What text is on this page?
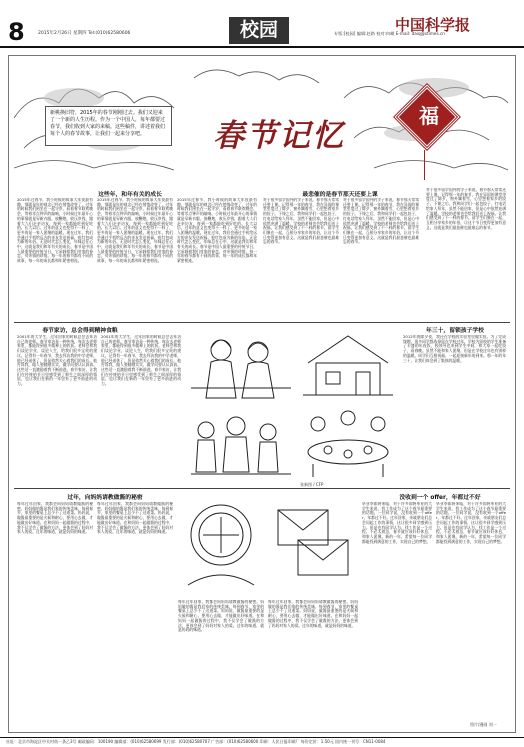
8	2015年2月26日 星期四 Tel:(010)62580606	校园	中国科学报
专版:[校园] 编辑:赵路 校对:何嵘 E-mail: daiq@stimes.cn
新桃换旧符，2015年的春节刚刚过去。我们又迎来了一个新的人生历程。作为一个中国人，每年都要过春节，我们收到大家的来稿。这些稿件，讲述着我们每个人的春节故事，让我们一起来分享吧。	春节记忆
福
这些年，和年有关的成长
2015年过春节，我小时候的故事大年夜最有趣，那就是年的观念已经在悄悄改变了，过年的时候我们围坐在一起守岁，看着春节联欢晚会，等着零点钟声的敲响。小时候过年最开心的事情就是穿新衣服，放鞭炮，收压岁钱，跟着大人们走亲访友，每到一家都能吃到好吃的。长大以后，过年的意义也变得不一样了，更多的是一家人团聚的温暖。现在过年，我们会通过手机给远方的亲友发送祝福，抢红包成为新的年俗。无论时代怎么变化，年味总在心中，这就是我们和年有关的成长。春节是中国人最重要的传统节日，它承载着我们对家的眷恋，对亲情的珍惜。每一年的春节都有不同的故事，每一年的成长都和年紧密相连。
2015年过春节，我小时候的故事大年夜最有趣，那就是年的观念已经在悄悄改变了，过年的时候我们围坐在一起守岁，看着春节联欢晚会，等着零点钟声的敲响。小时候过年最开心的事情就是穿新衣服，放鞭炮，收压岁钱，跟着大人们走亲访友，每到一家都能吃到好吃的。长大以后，过年的意义也变得不一样了，更多的是一家人团聚的温暖。现在过年，我们会通过手机给远方的亲友发送祝福，抢红包成为新的年俗。无论时代怎么变化，年味总在心中，这就是我们和年有关的成长。春节是中国人最重要的传统节日，它承载着我们对家的眷恋，对亲情的珍惜。每一年的春节都有不同的故事，每一年的成长都和年紧密相连。
2015年过春节，我小时候的故事大年夜最有趣，那就是年的观念已经在悄悄改变了，过年的时候我们围坐在一起守岁，看着春节联欢晚会，等着零点钟声的敲响。小时候过年最开心的事情就是穿新衣服，放鞭炮，收压岁钱，跟着大人们走亲访友，每到一家都能吃到好吃的。长大以后，过年的意义也变得不一样了，更多的是一家人团聚的温暖。现在过年，我们会通过手机给远方的亲友发送祝福，抢红包成为新的年俗。无论时代怎么变化，年味总在心中，这就是我们和年有关的成长。春节是中国人最重要的传统节日，它承载着我们对家的眷恋，对亲情的珍惜。每一年的春节都有不同的故事，每一年的成长都和年紧密相连。
最悲催的是春节那天还要上课
对于很多留学国外的学子来说，春节那天常常还要上课。记得那一年的春节，我在异国的课堂里度过了除夕，窗外飘着雪，心里想着家乡的饺子。下课之后，我和同学们一起包饺子，打电话给家人拜年，虽然不能回家，但是心中依然充满了温暖。学校的老师也会给我们送上祝福，让我们感受到了不一样的春节。留学生们聚在一起，互相分享家乡的年俗，让这个节日变得更加有意义。这就是我们最悲催也最难忘的春节。
对于很多留学国外的学子来说，春节那天常常还要上课。记得那一年的春节，我在异国的课堂里度过了除夕，窗外飘着雪，心里想着家乡的饺子。下课之后，我和同学们一起包饺子，打电话给家人拜年，虽然不能回家，但是心中依然充满了温暖。学校的老师也会给我们送上祝福，让我们感受到了不一样的春节。留学生们聚在一起，互相分享家乡的年俗，让这个节日变得更加有意义。这就是我们最悲催也最难忘的春节。
对于很多留学国外的学子来说，春节那天常常还要上课。记得那一年的春节，我在异国的课堂里度过了除夕，窗外飘着雪，心里想着家乡的饺子。下课之后，我和同学们一起包饺子，打电话给家人拜年，虽然不能回家，但是心中依然充满了温暖。学校的老师也会给我们送上祝福，让我们感受到了不一样的春节。留学生们聚在一起，互相分享家乡的年俗，让这个节日变得更加有意义。这就是我们最悲催也最难忘的春节。
春节家访，总会得到精神食粮
2001年的大学生，过年回家的时候总会去拜访自己的老师。春节家访是一种传统，每次去老师家里，都能得到很多精神上的收获。老师会和我们谈论学业，谈论人生，给我们很多宝贵的建议。记得有一年春节，我去拜访我的中学老师，他已经退休了，但是依然关心着我们的成长。他告诉我，做人要踏踏实实，做学问要认认真真。这些话一直激励着我不断前进。春节家访，让我们在传统的节日里感受到了师生之间深厚的情谊，也让我们在新的一年里有了更多前进的动力。
2001年的大学生，过年回家的时候总会去拜访自己的老师。春节家访是一种传统，每次去老师家里，都能得到很多精神上的收获。老师会和我们谈论学业，谈论人生，给我们很多宝贵的建议。记得有一年春节，我去拜访我的中学老师，他已经退休了，但是依然关心着我们的成长。他告诉我，做人要踏踏实实，做学问要认认真真。这些话一直激励着我不断前进。春节家访，让我们在传统的节日里感受到了师生之间深厚的情谊，也让我们在新的一年里有了更多前进的动力。
张新图 / CFP
年三十，留锁孩子学校
2012年的除夕夜，我还在学校的实验室里做实验。为了完成课题，很多同学都选择留在学校过年。学校为留校的学生准备了丰盛的年夜饭，校领导也来到学生中间，和大家一起吃饺子，看春晚。虽然不能和家人团聚，但是在学校过年也有别样的温暖。同学们互相祝福，一起迎接新年的到来。那一年的年三十，让我们体会到了集体的温暖。
过年，向妈妈请教做酱的秘密
每年过年回家，我都会向妈妈请教做酱的秘密。妈妈做的酱是我们家的传统美味，每到春节，家里的餐桌上总少不了这道菜。妈妈说，做酱最重要的是火候和耐心，要用心去做，才能做出好味道。在和妈妈一起做酱的过程中，我不仅学会了做酱的方法，更体会到了妈妈对家人的爱。过年的味道，就是妈妈的味道。
每年过年回家，我都会向妈妈请教做酱的秘密。妈妈做的酱是我们家的传统美味，每到春节，家里的餐桌上总少不了这道菜。妈妈说，做酱最重要的是火候和耐心，要用心去做，才能做出好味道。在和妈妈一起做酱的过程中，我不仅学会了做酱的方法，更体会到了妈妈对家人的爱。过年的味道，就是妈妈的味道。
每年过年回家，我都会向妈妈请教做酱的秘密。妈妈做的酱是我们家的传统美味，每到春节，家里的餐桌上总少不了这道菜。妈妈说，做酱最重要的是火候和耐心，要用心去做，才能做出好味道。在和妈妈一起做酱的过程中，我不仅学会了做酱的方法，更体会到了妈妈对家人的爱。过年的味道，就是妈妈的味道。
每年过年回家，我都会向妈妈请教做酱的秘密。妈妈做的酱是我们家的传统美味，每到春节，家里的餐桌上总少不了这道菜。妈妈说，做酱最重要的是火候和耐心，要用心去做，才能做出好味道。在和妈妈一起做酱的过程中，我不仅学会了做酱的方法，更体会到了妈妈对家人的爱。过年的味道，就是妈妈的味道。
没收到一个 offer，年都过不好
毕业季即将来临，对于许多即将毕业的大学生来说，找工作成为了这个春节最重要的话题。一位同学说，没有收到一个offer，年都过不好。过年回家，亲戚朋友们总会问起工作的事情，这让很多同学感到压力。但是也有同学认为，找工作是一个过程，不必太着急，春节就应该好好休息，和家人团聚。新的一年，希望每一位同学都能找到满意的工作，实现自己的梦想。
毕业季即将来临，对于许多即将毕业的大学生来说，找工作成为了这个春节最重要的话题。一位同学说，没有收到一个offer，年都过不好。过年回家，亲戚朋友们总会问起工作的事情，这让很多同学感到压力。但是也有同学认为，找工作是一个过程，不必太着急，春节就应该好好休息，和家人团聚。新的一年，希望每一位同学都能找到满意的工作，实现自己的梦想。
图片/漫画 刘一
社址：北京市海淀区中关村南一条乙3号 邮政编码：100190 编辑部：(010)62580699 发行部：(010)62580707 广告部：(010)62580600 印刷：人民日报印刷厂 每份定价：1.50元 国内统一刊号：CN11-0084
